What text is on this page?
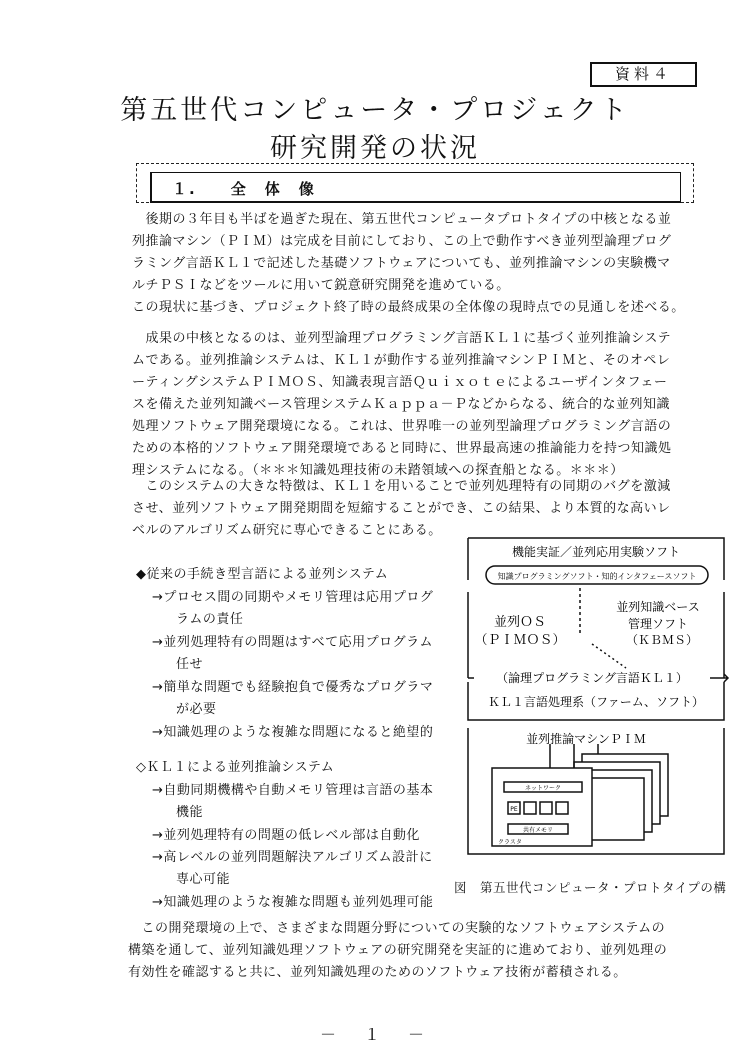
資料４
第五世代コンピュータ・プロジェクト
研究開発の状況
１.　　全　体　像

　後期の３年目も半ばを過ぎた現在、第五世代コンピュータプロトタイプの中核となる並
列推論マシン（ＰＩＭ）は完成を目前にしており、この上で動作すべき並列型論理プログ
ラミング言語ＫＬ１で記述した基礎ソフトウェアについても、並列推論マシンの実験機マ
ルチＰＳＩなどをツールに用いて鋭意研究開発を進めている。
この現状に基づき、プロジェクト終了時の最終成果の全体像の現時点での見通しを述べる。

　成果の中核となるのは、並列型論理プログラミング言語ＫＬ１に基づく並列推論システ
ムである。並列推論システムは、ＫＬ１が動作する並列推論マシンＰＩＭと、そのオペレ
ーティングシステムＰＩＭＯＳ、知識表現言語Ｑｕｉｘｏｔｅによるユーザインタフェー
スを備えた並列知識ベース管理システムＫａｐｐａ－Ｐなどからなる、統合的な並列知識
処理ソフトウェア開発環境になる。これは、世界唯一の並列型論理プログラミング言語の
ための本格的ソフトウェア開発環境であると同時に、世界最高速の推論能力を持つ知識処
理システムになる。（＊＊＊知識処理技術の未踏領域への探査船となる。＊＊＊）

　このシステムの大きな特徴は、ＫＬ１を用いることで並列処理特有の同期のバグを激減
させ、並列ソフトウェア開発期間を短縮することができ、この結果、より本質的な高いレ
ベルのアルゴリズム研究に専心できることにある。

◆従来の手続き型言語による並列システム
→プロセス間の同期やメモリ管理は応用プログ
ラムの責任
→並列処理特有の問題はすべて応用プログラム
任せ
→簡単な問題でも経験抱負で優秀なプログラマ
が必要
→知識処理のような複雑な問題になると絶望的
◇ＫＬ１による並列推論システム
→自動同期機構や自動メモリ管理は言語の基本
機能
→並列処理特有の問題の低レベル部は自動化
→高レベルの並列問題解決アルゴリズム設計に
専心可能
→知識処理のような複雑な問題も並列処理可能
機能実証／並列応用実験ソフト
知識プログラミングソフト・知的インタフェースソフト
並列ＯＳ
（ＰＩＭＯＳ）
並列知識ベース
管理ソフト
（ＫＢＭＳ）
（論理プログラミング言語ＫＬ１）
ＫＬ１言語処理系（ファーム、ソフト）
並列推論マシンＰＩＭ
ネットワーク
PE
共有メモリ
クラスタ
図　第五世代コンピュータ・プロトタイプの構

　この開発環境の上で、さまざまな問題分野についての実験的なソフトウェアシステムの
構築を通して、並列知識処理ソフトウェアの研究開発を実証的に進めており、並列処理の
有効性を確認すると共に、並列知識処理のためのソフトウェア技術が蓄積される。

－　１　－
